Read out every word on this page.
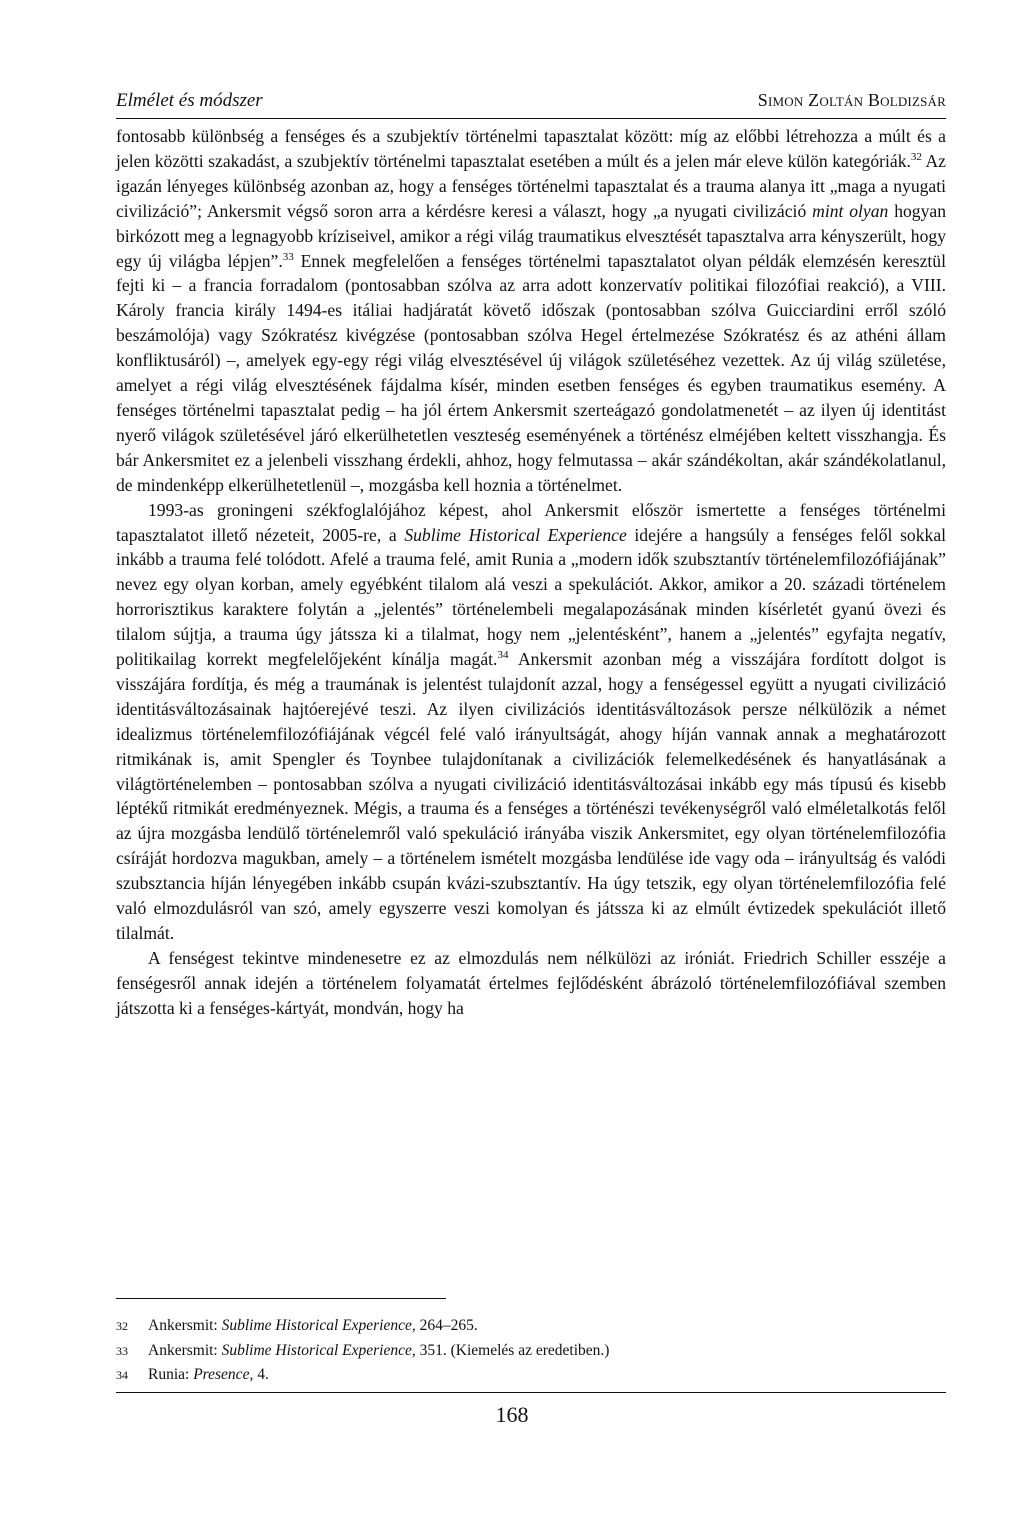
Elmélet és módszer	Simon Zoltán Boldizsár

fontosabb különbség a fenséges és a szubjektív történelmi tapasztalat között: míg az előbbi létrehozza a múlt és a jelen közötti szakadást, a szubjektív történelmi tapasztalat esetében a múlt és a jelen már eleve külön kategóriák.$^{32}$ Az igazán lényeges különbség azonban az, hogy a fenséges történelmi tapasztalat és a trauma alanya itt „maga a nyugati civilizáció”; Ankersmit végső soron arra a kérdésre keresi a választ, hogy „a nyugati civilizáció mint olyan hogyan birkózott meg a legnagyobb kríziseivel, amikor a régi világ traumatikus elvesztését tapasztalva arra kényszerült, hogy egy új világba lépjen”.$^{33}$ Ennek megfelelően a fenséges történelmi tapasztalatot olyan példák elemzésén keresztül fejti ki – a francia forradalom (pontosabban szólva az arra adott konzervatív politikai filozófiai reakció), a VIII. Károly francia király 1494-es itáliai hadjáratát követő időszak (pontosabban szólva Guicciardini erről szóló beszámolója) vagy Szókratész kivégzése (pontosabban szólva Hegel értelmezése Szókratész és az athéni állam konfliktusáról) –, amelyek egy-egy régi világ elvesztésével új világok születéséhez vezettek. Az új világ születése, amelyet a régi világ elvesztésének fájdalma kísér, minden esetben fenséges és egyben traumatikus esemény. A fenséges történelmi tapasztalat pedig – ha jól értem Ankersmit szerteágazó gondolatmenetét – az ilyen új identitást nyerő világok születésével járó elkerülhetetlen veszteség eseményének a történész elméjében keltett visszhangja. És bár Ankersmitet ez a jelenbeli visszhang érdekli, ahhoz, hogy felmutassa – akár szándékoltan, akár szándékolatlanul, de mindenképp elkerülhetetlenül –, mozgásba kell hoznia a történelmet.

1993-as groningeni székfoglalójához képest, ahol Ankersmit először ismertette a fenséges történelmi tapasztalatot illető nézeteit, 2005-re, a Sublime Historical Experience idejére a hangsúly a fenséges felől sokkal inkább a trauma felé tolódott. Afelé a trauma felé, amit Runia a „modern idők szubsztantív történelemfilozófiájának” nevez egy olyan korban, amely egyébként tilalom alá veszi a spekulációt. Akkor, amikor a 20. századi történelem horrorisztikus karaktere folytán a „jelentés” történelembeli megalapozásának minden kísérletét gyanú övezi és tilalom sújtja, a trauma úgy játssza ki a tilalmat, hogy nem „jelentésként”, hanem a „jelentés” egyfajta negatív, politikailag korrekt megfelelőjeként kínálja magát.$^{34}$ Ankersmit azonban még a visszájára fordított dolgot is visszájára fordítja, és még a traumának is jelentést tulajdonít azzal, hogy a fenségessel együtt a nyugati civilizáció identitásváltozásainak hajtóerejévé teszi. Az ilyen civilizációs identitásváltozások persze nélkülözik a német idealizmus történelemfilozófiájának végcél felé való irányultságát, ahogy híján vannak annak a meghatározott ritmikának is, amit Spengler és Toynbee tulajdonítanak a civilizációk felemelkedésének és hanyatlásának a világtörténelemben – pontosabban szólva a nyugati civilizáció identitásváltozásai inkább egy más típusú és kisebb léptékű ritmikát eredményeznek. Mégis, a trauma és a fenséges a történészi tevékenységről való elméletalkotás felől az újra mozgásba lendülő történelemről való spekuláció irányába viszik Ankersmitet, egy olyan történelemfilozófia csíráját hordozva magukban, amely – a történelem ismételt mozgásba lendülése ide vagy oda – irányultság és valódi szubsztancia híján lényegében inkább csupán kvázi-szubsztantív. Ha úgy tetszik, egy olyan történelemfilozófia felé való elmozdulásról van szó, amely egyszerre veszi komolyan és játssza ki az elmúlt évtizedek spekulációt illető tilalmát.

A fenségest tekintve mindenesetre ez az elmozdulás nem nélkülözi az iróniát. Friedrich Schiller esszéje a fenségesről annak idején a történelem folyamatát értelmes fejlődésként ábrázoló történelemfilozófiával szemben játszotta ki a fenséges-kártyát, mondván, hogy ha

32	Ankersmit: Sublime Historical Experience, 264–265.
33	Ankersmit: Sublime Historical Experience, 351. (Kiemelés az eredetiben.)
34	Runia: Presence, 4.
168
